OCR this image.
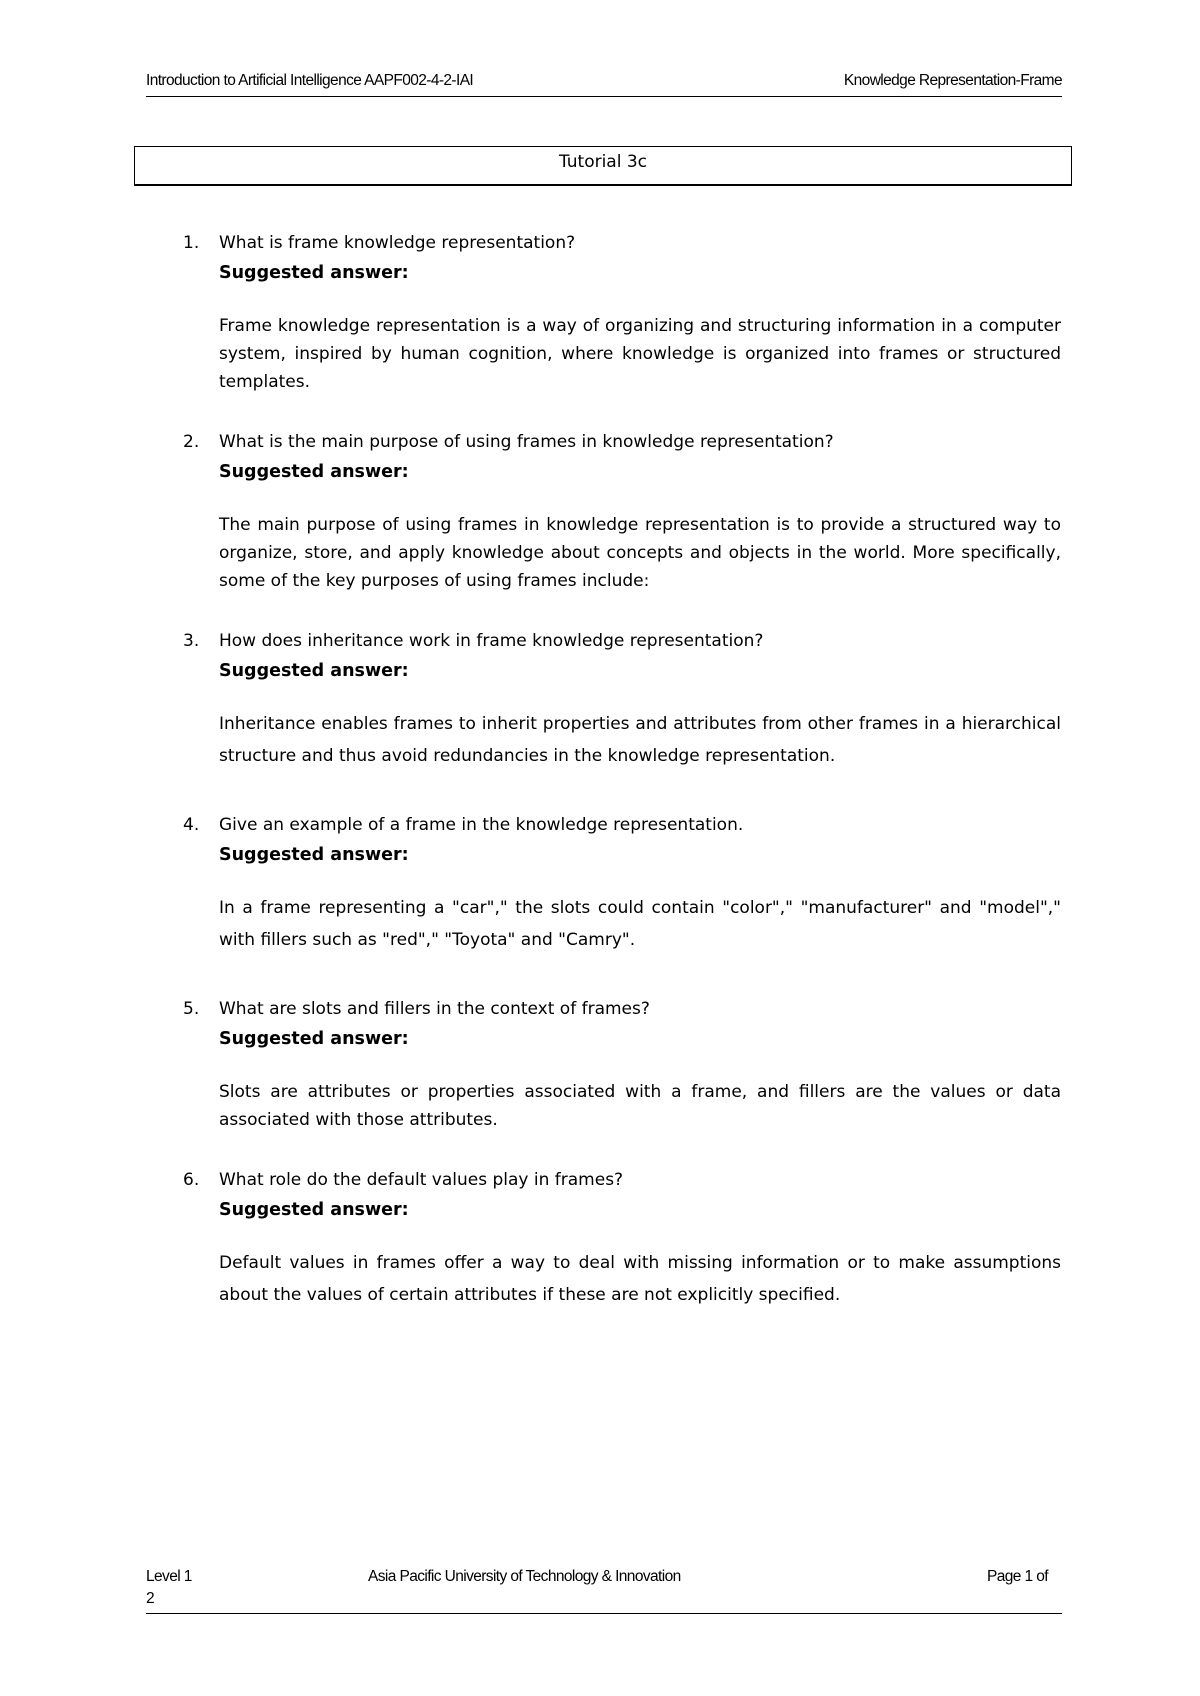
Introduction to Artificial Intelligence AAPF002-4-2-IAI	Knowledge Representation-Frame
Tutorial 3c
1. What is frame knowledge representation?
Suggested answer:
Frame knowledge representation is a way of organizing and structuring information in a computer system, inspired by human cognition, where knowledge is organized into frames or structured templates.
2. What is the main purpose of using frames in knowledge representation?
Suggested answer:
The main purpose of using frames in knowledge representation is to provide a structured way to organize, store, and apply knowledge about concepts and objects in the world. More specifically, some of the key purposes of using frames include:
3. How does inheritance work in frame knowledge representation?
Suggested answer:
Inheritance enables frames to inherit properties and attributes from other frames in a hierarchical structure and thus avoid redundancies in the knowledge representation.
4. Give an example of a frame in the knowledge representation.
Suggested answer:
In a frame representing a "car"," the slots could contain "color"," "manufacturer" and "model"," with fillers such as "red"," "Toyota" and "Camry".
5. What are slots and fillers in the context of frames?
Suggested answer:
Slots are attributes or properties associated with a frame, and fillers are the values or data associated with those attributes.
6. What role do the default values play in frames?
Suggested answer:
Default values in frames offer a way to deal with missing information or to make assumptions about the values of certain attributes if these are not explicitly specified.
Level 1	Asia Pacific University of Technology & Innovation	Page 1 of
2
